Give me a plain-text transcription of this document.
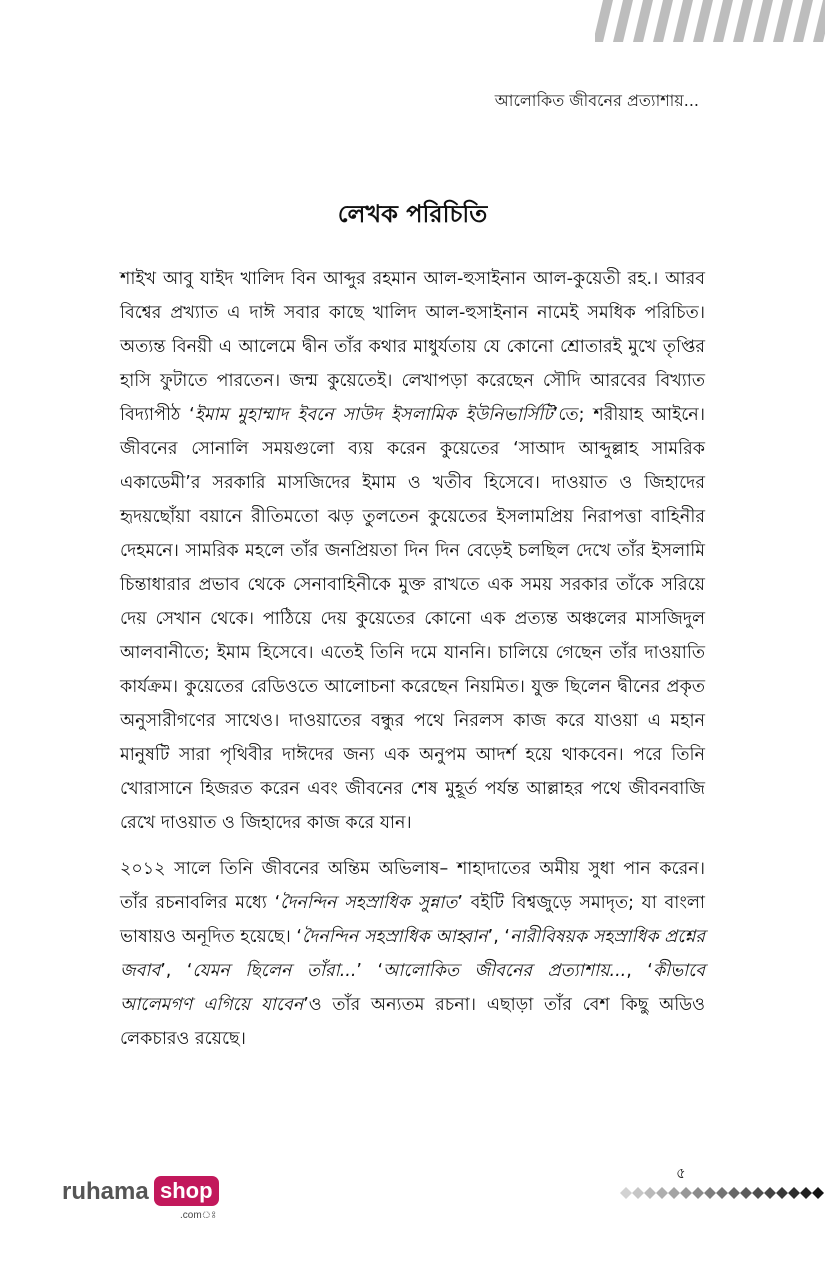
আলোকিত জীবনের প্রত্যাশায়...
লেখক পরিচিতি

শাইখ আবু যাইদ খালিদ বিন আব্দুর রহমান আল-হুসাইনান আল-কুয়েতী রহ.। আরব বিশ্বের প্রখ্যাত এ দাঈ সবার কাছে খালিদ আল-হুসাইনান নামেই সমধিক পরিচিত। অত্যন্ত বিনয়ী এ আলেমে দ্বীন তাঁর কথার মাধুর্যতায় যে কোনো শ্রোতারই মুখে তৃপ্তির হাসি ফুটাতে পারতেন। জন্ম কুয়েতেই। লেখাপড়া করেছেন সৌদি আরবের বিখ্যাত বিদ্যাপীঠ ‘ইমাম মুহাম্মাদ ইবনে সাউদ ইসলামিক ইউনিভার্সিটি’তে; শরীয়াহ আইনে। জীবনের সোনালি সময়গুলো ব্যয় করেন কুয়েতের ‘সাআদ আব্দুল্লাহ সামরিক একাডেমী’র সরকারি মাসজিদের ইমাম ও খতীব হিসেবে। দাওয়াত ও জিহাদের হৃদয়ছোঁয়া বয়ানে রীতিমতো ঝড় তুলতেন কুয়েতের ইসলামপ্রিয় নিরাপত্তা বাহিনীর দেহমনে। সামরিক মহলে তাঁর জনপ্রিয়তা দিন দিন বেড়েই চলছিল দেখে তাঁর ইসলামি চিন্তাধারার প্রভাব থেকে সেনাবাহিনীকে মুক্ত রাখতে এক সময় সরকার তাঁকে সরিয়ে দেয় সেখান থেকে। পাঠিয়ে দেয় কুয়েতের কোনো এক প্রত্যন্ত অঞ্চলের মাসজিদুল আলবানীতে; ইমাম হিসেবে। এতেই তিনি দমে যাননি। চালিয়ে গেছেন তাঁর দাওয়াতি কার্যক্রম। কুয়েতের রেডিওতে আলোচনা করেছেন নিয়মিত। যুক্ত ছিলেন দ্বীনের প্রকৃত অনুসারীগণের সাথেও। দাওয়াতের বন্ধুর পথে নিরলস কাজ করে যাওয়া এ মহান মানুষটি সারা পৃথিবীর দাঈদের জন্য এক অনুপম আদর্শ হয়ে থাকবেন। পরে তিনি খোরাসানে হিজরত করেন এবং জীবনের শেষ মুহূর্ত পর্যন্ত আল্লাহর পথে জীবনবাজি রেখে দাওয়াত ও জিহাদের কাজ করে যান।

২০১২ সালে তিনি জীবনের অন্তিম অভিলাষ– শাহাদাতের অমীয় সুধা পান করেন। তাঁর রচনাবলির মধ্যে ‘দৈনন্দিন সহস্রাধিক সুন্নাত’ বইটি বিশ্বজুড়ে সমাদৃত; যা বাংলা ভাষায়ও অনূদিত হয়েছে। ‘দৈনন্দিন সহস্রাধিক আহ্বান’, ‘নারীবিষয়ক সহস্রাধিক প্রশ্নের জবাব’, ‘যেমন ছিলেন তাঁরা...’ ‘আলোকিত জীবনের প্রত্যাশায়..., ‘কীভাবে আলেমগণ এগিয়ে যাবেন’ও তাঁর অন্যতম রচনা। এছাড়া তাঁর বেশ কিছু অডিও লেকচারও রয়েছে।

৫
ruhama shop
.comঃ
